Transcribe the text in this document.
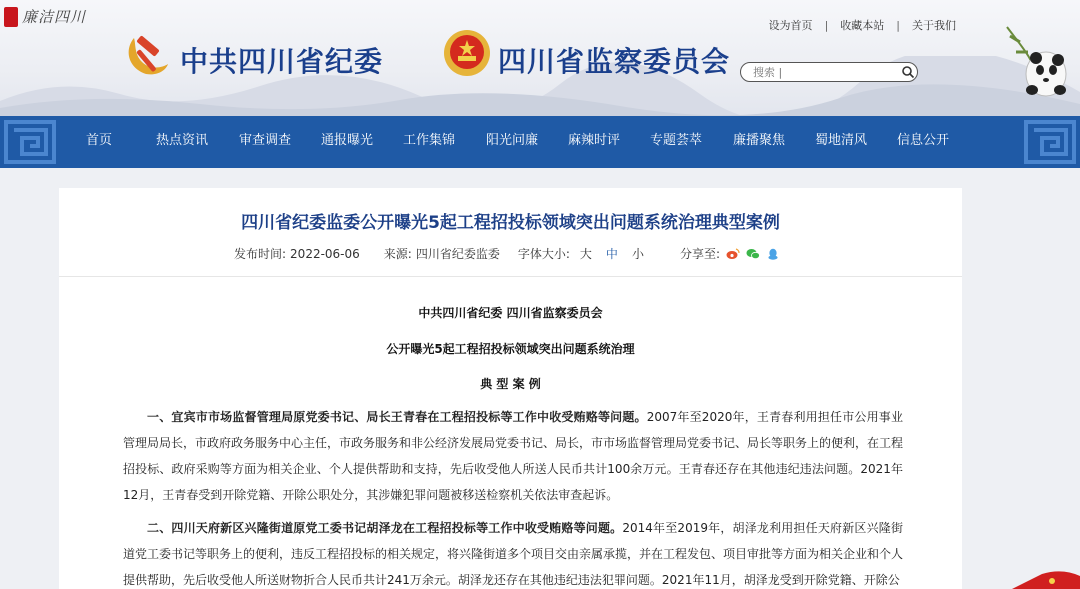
廉洁四川
中共四川省纪委	四川省监察委员会
设为首页 | 收藏本站 | 关于我们
搜索 |
首页	热点资讯 审查调查 通报曝光 工作集锦 阳光问廉 麻辣时评 专题荟萃 廉播聚焦 蜀地清风 信息公开
四川省纪委监委公开曝光5起工程招投标领域突出问题系统治理典型案例
发布时间: 2022-06-06 来源: 四川省纪委监委 字体大小: 大 中 小	分享至:
中共四川省纪委 四川省监察委员会
公开曝光5起工程招投标领域突出问题系统治理
典 型 案 例

一、宜宾市市场监督管理局原党委书记、局长王青春在工程招投标等工作中收受贿赂等问题。2007年至2020年，王青春利用担任市公用事业管理局局长，市政府政务服务中心主任，市政务服务和非公经济发展局党委书记、局长，市市场监督管理局党委书记、局长等职务上的便利，在工程招投标、政府采购等方面为相关企业、个人提供帮助和支持，先后收受他人所送人民币共计100余万元。王青春还存在其他违纪违法问题。2021年12月，王青春受到开除党籍、开除公职处分，其涉嫌犯罪问题被移送检察机关依法审查起诉。

二、四川天府新区兴隆街道原党工委书记胡泽龙在工程招投标等工作中收受贿赂等问题。2014年至2019年，胡泽龙利用担任天府新区兴隆街道党工委书记等职务上的便利，违反工程招投标的相关规定，将兴隆街道多个项目交由亲属承揽，并在工程发包、项目审批等方面为相关企业和个人提供帮助，先后收受他人所送财物折合人民币共计241万余元。胡泽龙还存在其他违纪违法犯罪问题。2021年11月，胡泽龙受到开除党籍、开除公
